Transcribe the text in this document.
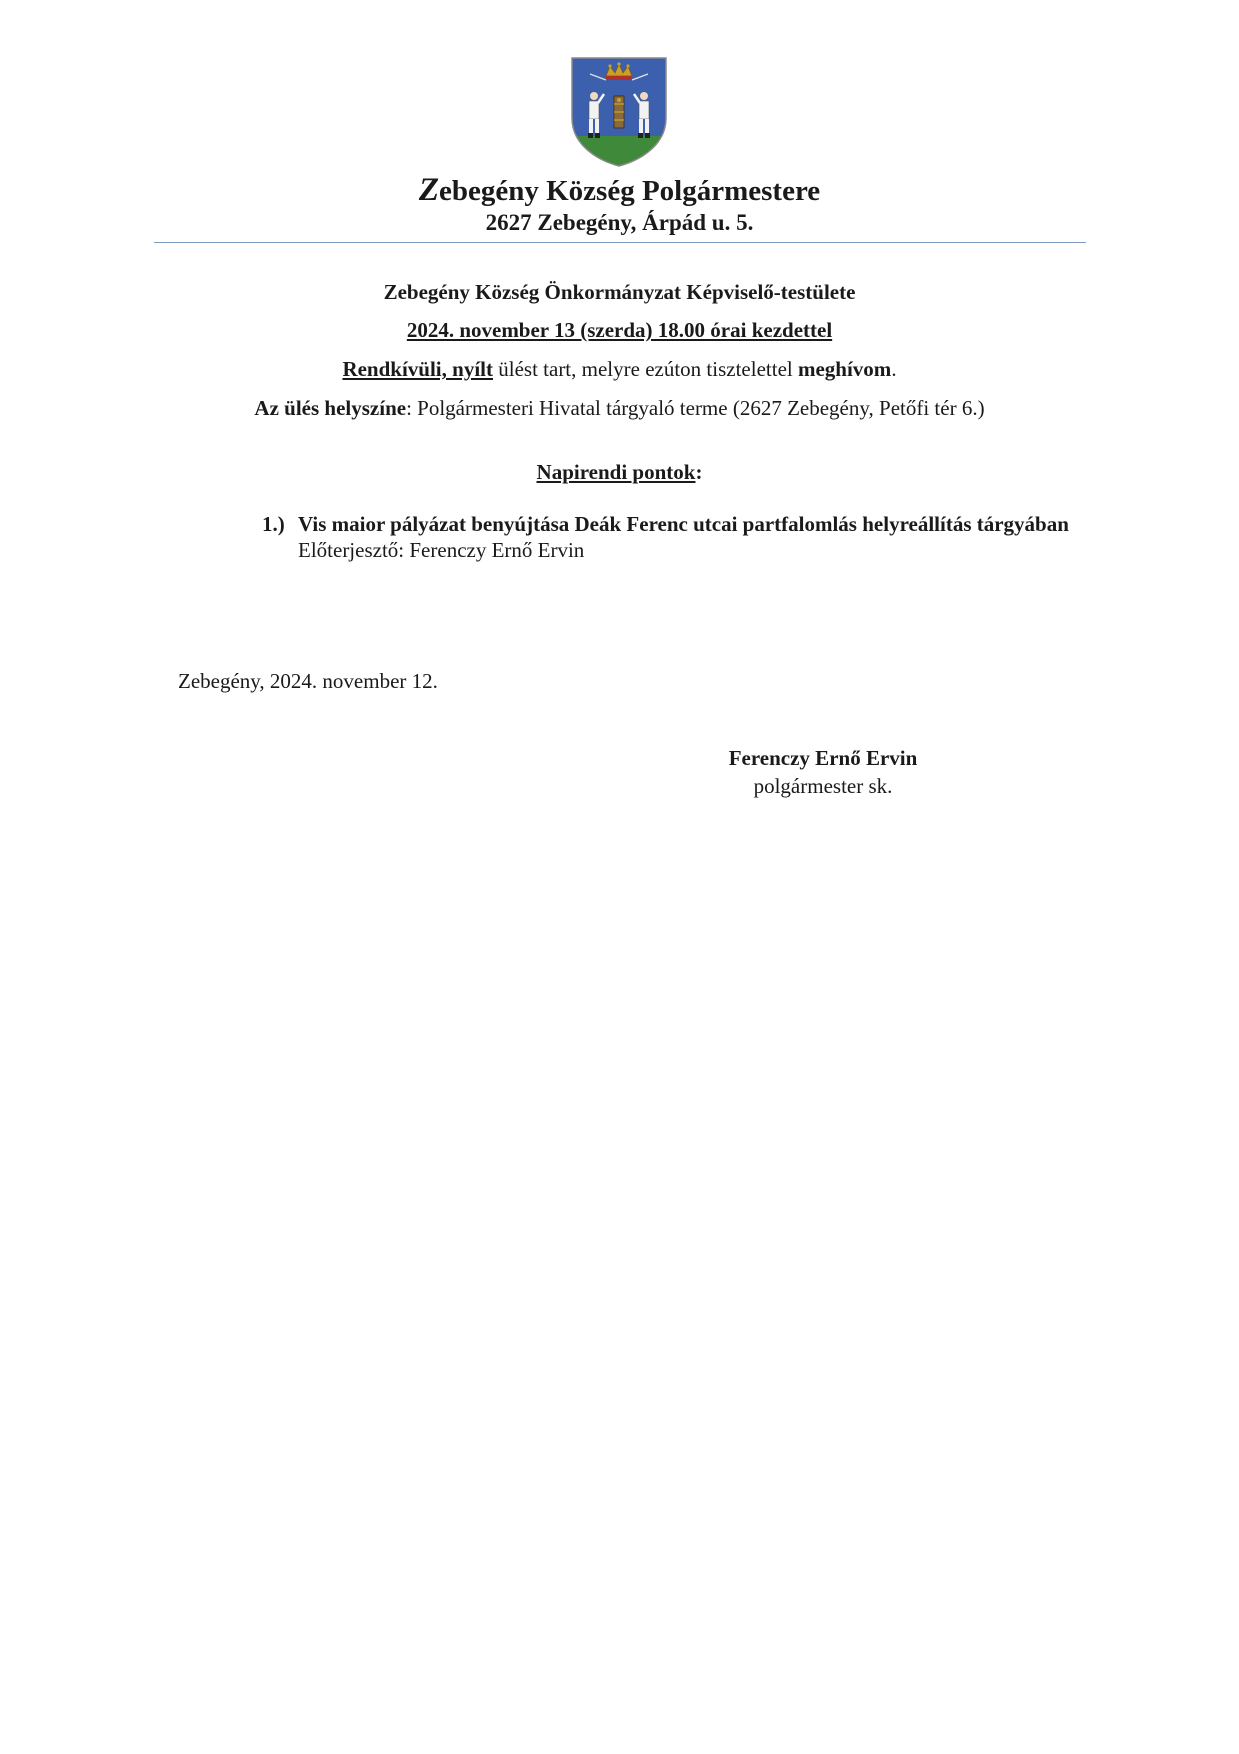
Zebegény Község Polgármestere
2627 Zebegény, Árpád u. 5.
Zebegény Község Önkormányzat Képviselő-testülete
2024. november 13 (szerda) 18.00 órai kezdettel
Rendkívüli, nyílt ülést tart, melyre ezúton tisztelettel meghívom.
Az ülés helyszíne: Polgármesteri Hivatal tárgyaló terme (2627 Zebegény, Petőfi tér 6.)
Napirendi pontok:
1.) Vis maior pályázat benyújtása Deák Ferenc utcai partfalomlás helyreállítás tárgyában
Előterjesztő: Ferenczy Ernő Ervin
Zebegény, 2024. november 12.
Ferenczy Ernő Ervin
polgármester sk.
